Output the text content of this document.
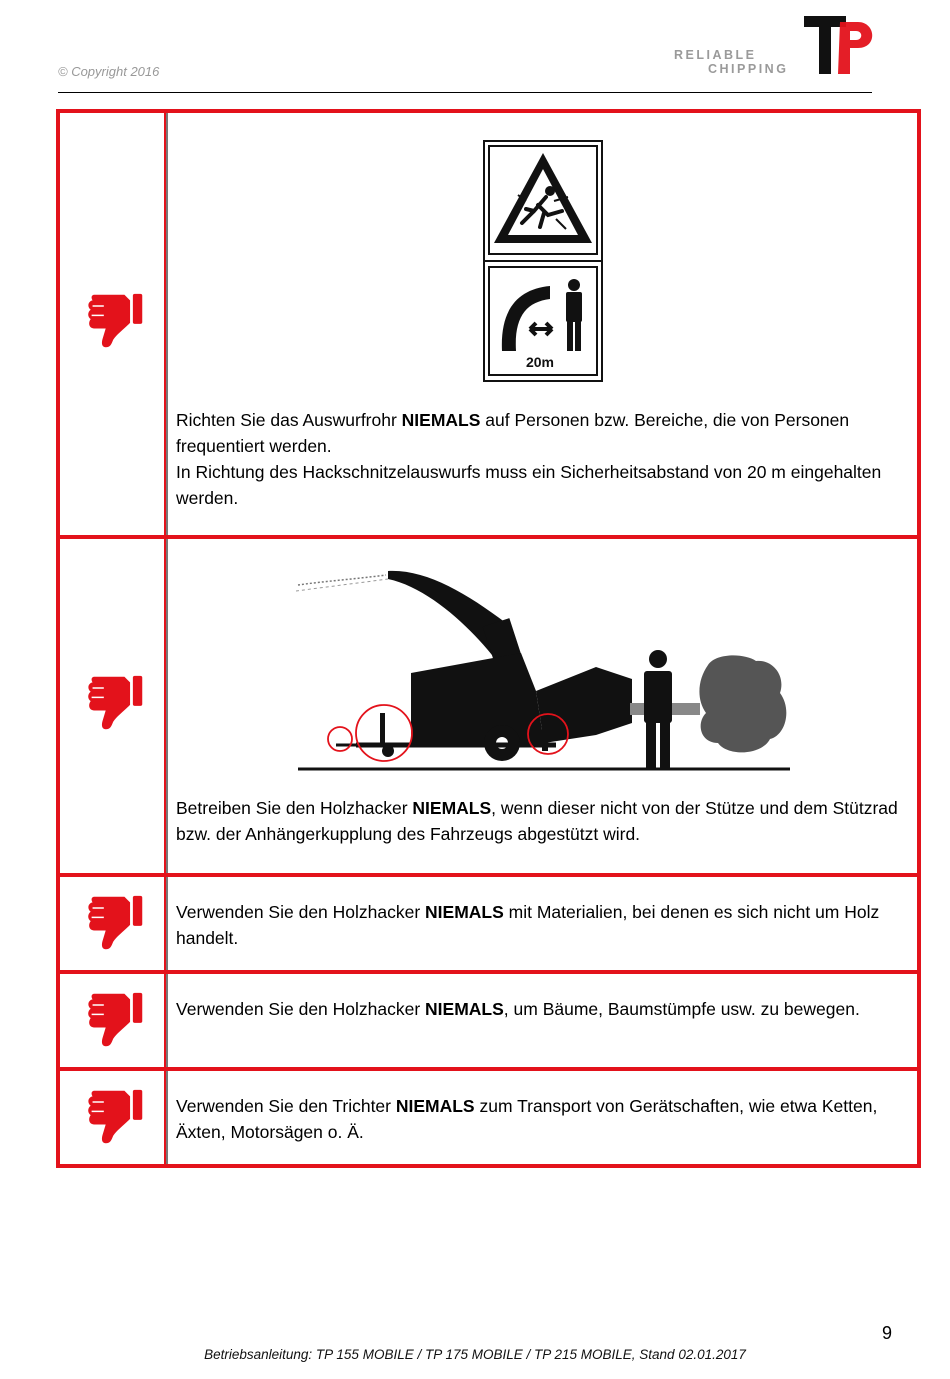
© Copyright 2016
RELIABLE
CHIPPING
TP
20m
Richten Sie das Auswurfrohr NIEMALS auf Personen bzw. Bereiche, die von Personen frequentiert werden.
In Richtung des Hackschnitzelauswurfs muss ein Sicherheitsabstand von 20 m eingehalten werden.
Betreiben Sie den Holzhacker NIEMALS, wenn dieser nicht von der Stütze und dem Stützrad bzw. der Anhängerkupplung des Fahrzeugs abgestützt wird.
Verwenden Sie den Holzhacker NIEMALS mit Materialien, bei denen es sich nicht um Holz handelt.
Verwenden Sie den Holzhacker NIEMALS, um Bäume, Baumstümpfe usw. zu bewegen.
Verwenden Sie den Trichter NIEMALS zum Transport von Gerätschaften, wie etwa Ketten, Äxten, Motorsägen o. Ä.
9
Betriebsanleitung: TP 155 MOBILE / TP 175 MOBILE / TP 215 MOBILE, Stand 02.01.2017
